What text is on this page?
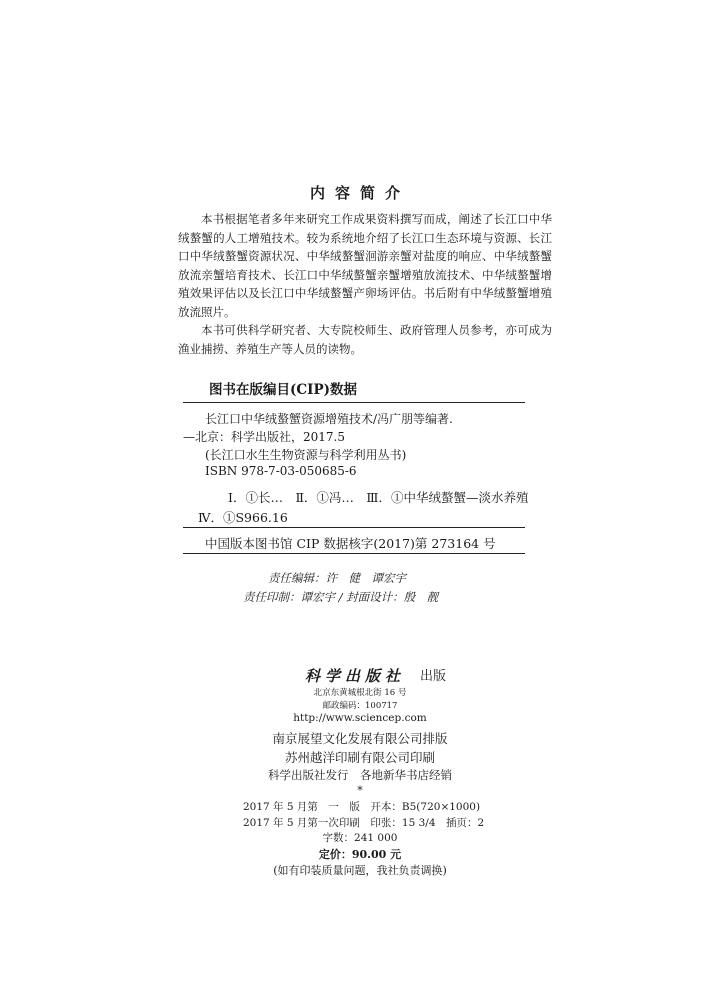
内容简介

本书根据笔者多年来研究工作成果资料撰写而成，阐述了长江口中华绒螯蟹的人工增殖技术。较为系统地介绍了长江口生态环境与资源、长江口中华绒螯蟹资源状况、中华绒螯蟹洄游亲蟹对盐度的响应、中华绒螯蟹放流亲蟹培育技术、长江口中华绒螯蟹亲蟹增殖放流技术、中华绒螯蟹增殖效果评估以及长江口中华绒螯蟹产卵场评估。书后附有中华绒螯蟹增殖放流照片。

本书可供科学研究者、大专院校师生、政府管理人员参考，亦可成为渔业捕捞、养殖生产等人员的读物。

图书在版编目(CIP)数据
长江口中华绒螯蟹资源增殖技术/冯广朋等编著.
—北京：科学出版社，2017.5
(长江口水生生物资源与科学利用丛书)
ISBN 978-7-03-050685-6
Ⅰ．①长…　Ⅱ．①冯…　Ⅲ．①中华绒螯蟹—淡水养殖
Ⅳ．①S966.16
中国版本图书馆 CIP 数据核字(2017)第 273164 号
责任编辑：许　健　谭宏宇
责任印制：谭宏宇 / 封面设计：殷　靓
科学出版社 出版
北京东黄城根北街 16 号
邮政编码：100717
http://www.sciencep.com
南京展望文化发展有限公司排版
苏州越洋印刷有限公司印刷
科学出版社发行　各地新华书店经销
*
2017 年 5 月第　一　版　开本：B5(720×1000)
2017 年 5 月第一次印刷　印张：15 3/4　插页：2
字数：241 000
定价：90.00 元
(如有印装质量问题，我社负责调换)
